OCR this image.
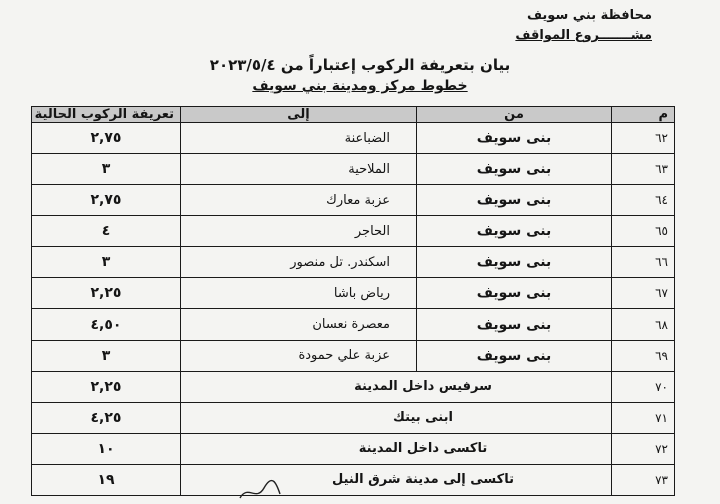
محافظة بني سويف
مشـــــــروع المواقف
بيان بتعريفة الركوب إعتباراً من ٢٠٢٣/٥/٤
خطوط مركز ومدينة بني سويف
م	من	إلى	تعريفة الركوب الحالية
٦٢	بنى سويف	الضباعنة	٢,٧٥
٦٣	بنى سويف	الملاحية	٣
٦٤	بنى سويف	عزبة معارك	٢,٧٥
٦٥	بنى سويف	الحاجر	٤
٦٦	بنى سويف	اسكندر. تل منصور	٣
٦٧	بنى سويف	رياض باشا	٢,٢٥
٦٨	بنى سويف	معصرة نعسان	٤,٥٠
٦٩	بنى سويف	عزبة علي حمودة	٣
٧٠	سرفيس داخل المدينة		٢,٢٥
٧١	ابنى بيتك		٤,٢٥
٧٢	تاكسى داخل المدينة		١٠
٧٣	تاكسى إلى مدينة شرق النيل		١٩
